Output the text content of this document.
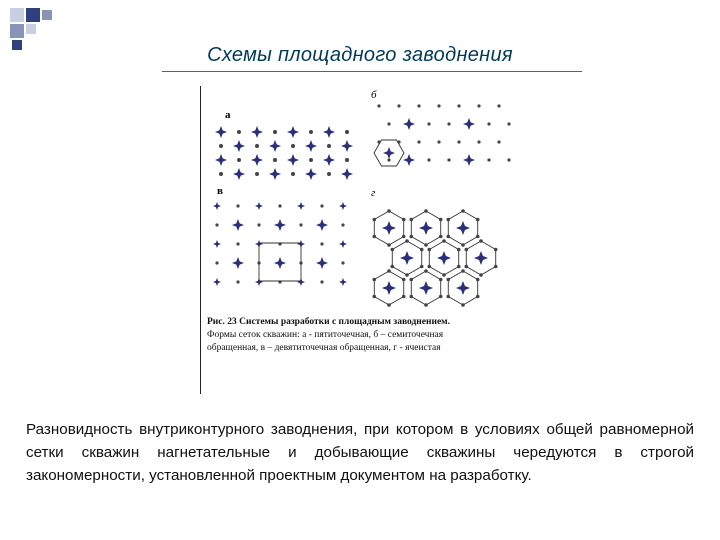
Схемы площадного заводнения
а
б
в	г
Рис. 23 Системы разработки с площадным заводнением.
Формы сеток скважин: а - пятиточечная, б – семиточечная
обращенная, в – девятиточечная обращенная, г - ячеистая
Разновидность внутриконтурного заводнения, при котором в условиях общей равномерной сетки скважин нагнетательные и добывающие скважины чередуются в строгой закономерности, установленной проектным документом на разработку.
